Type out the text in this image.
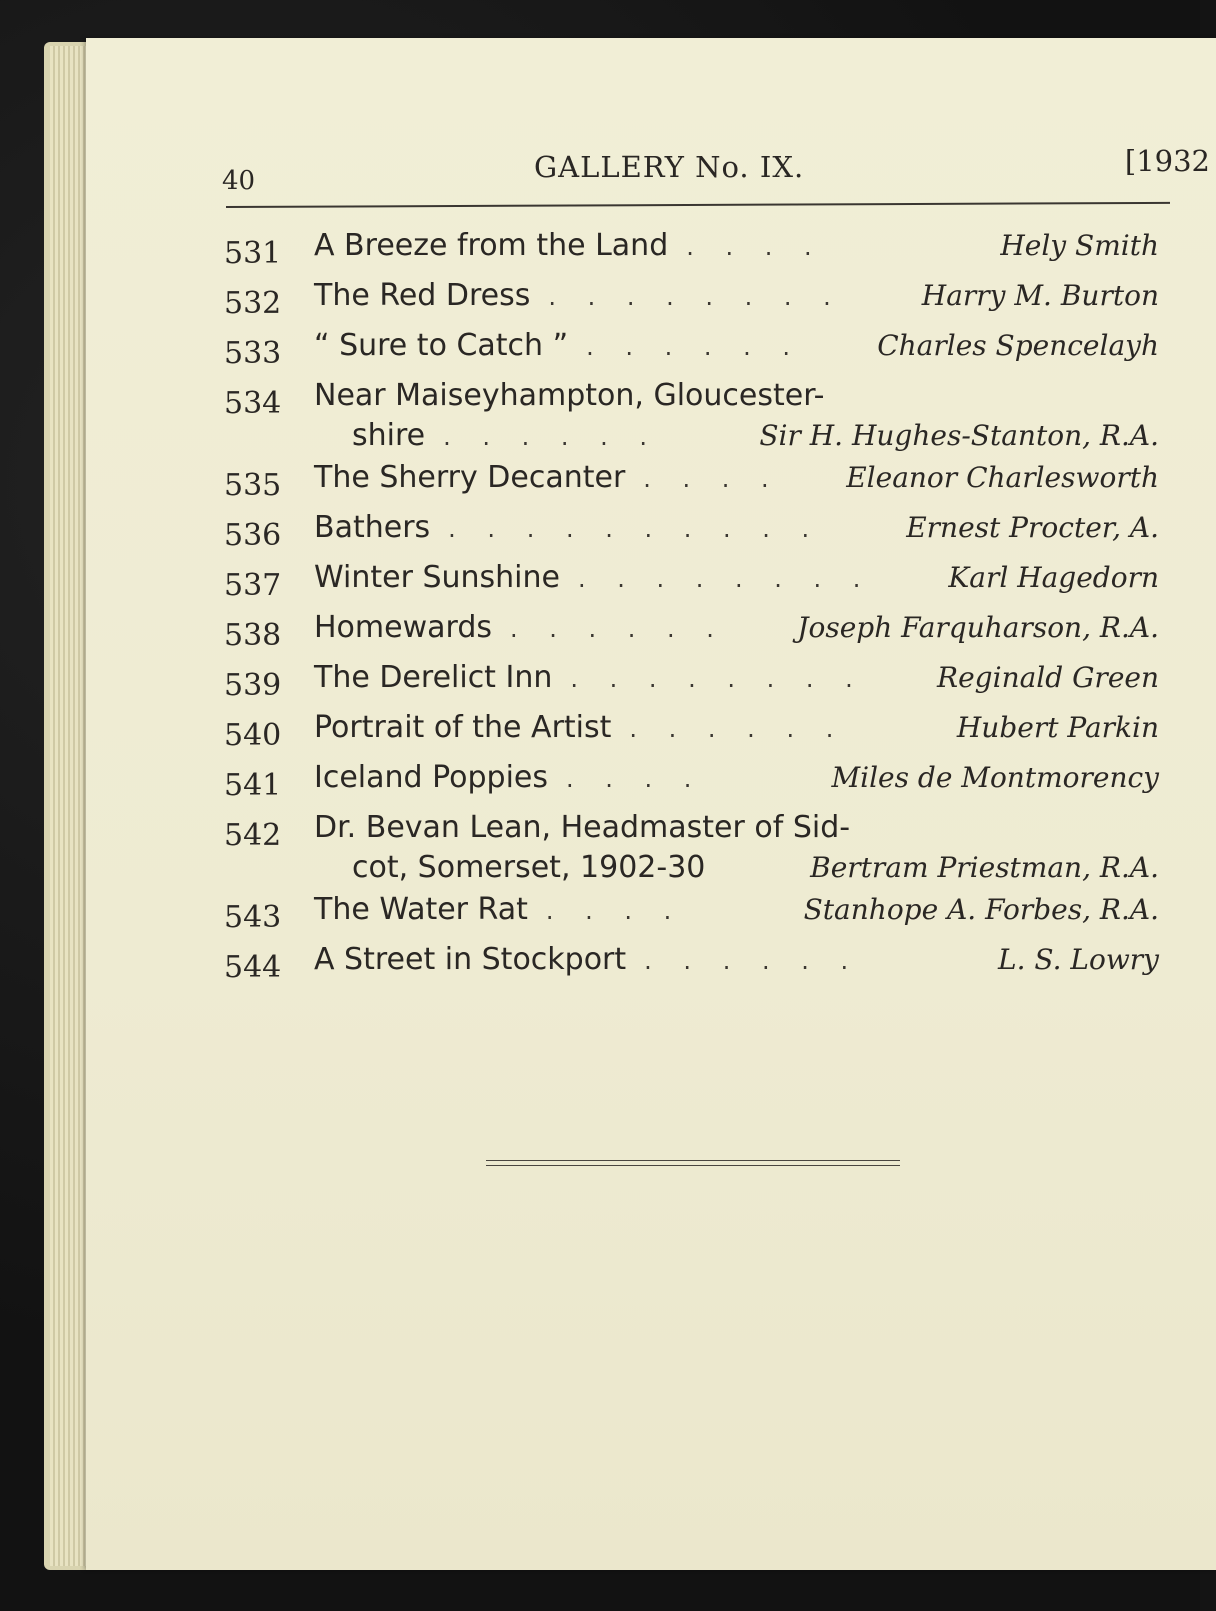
40	GALLERY No. IX.	[1932
531	A Breeze from the Land . . . .	Hely Smith
532	The Red Dress . . . . . . . .	Harry M. Burton
533	“ Sure to Catch ” . . . . . .	Charles Spencelayh
534	Near Maiseyhampton, Gloucester-
shire . . . . . .	Sir H. Hughes-Stanton, R.A.
535	The Sherry Decanter . . . .	Eleanor Charlesworth
536	Bathers . . . . . . . . . .	Ernest Procter, A.
537	Winter Sunshine . . . . . . . .	Karl Hagedorn
538	Homewards . . . . . .	Joseph Farquharson, R.A.
539	The Derelict Inn . . . . . . . .	Reginald Green
540	Portrait of the Artist . . . . . .	Hubert Parkin
541	Iceland Poppies . . . .	Miles de Montmorency
542	Dr. Bevan Lean, Headmaster of Sid-
cot, Somerset, 1902-30	Bertram Priestman, R.A.
543	The Water Rat . . . .	Stanhope A. Forbes, R.A.
544	A Street in Stockport . . . . . .	L. S. Lowry
